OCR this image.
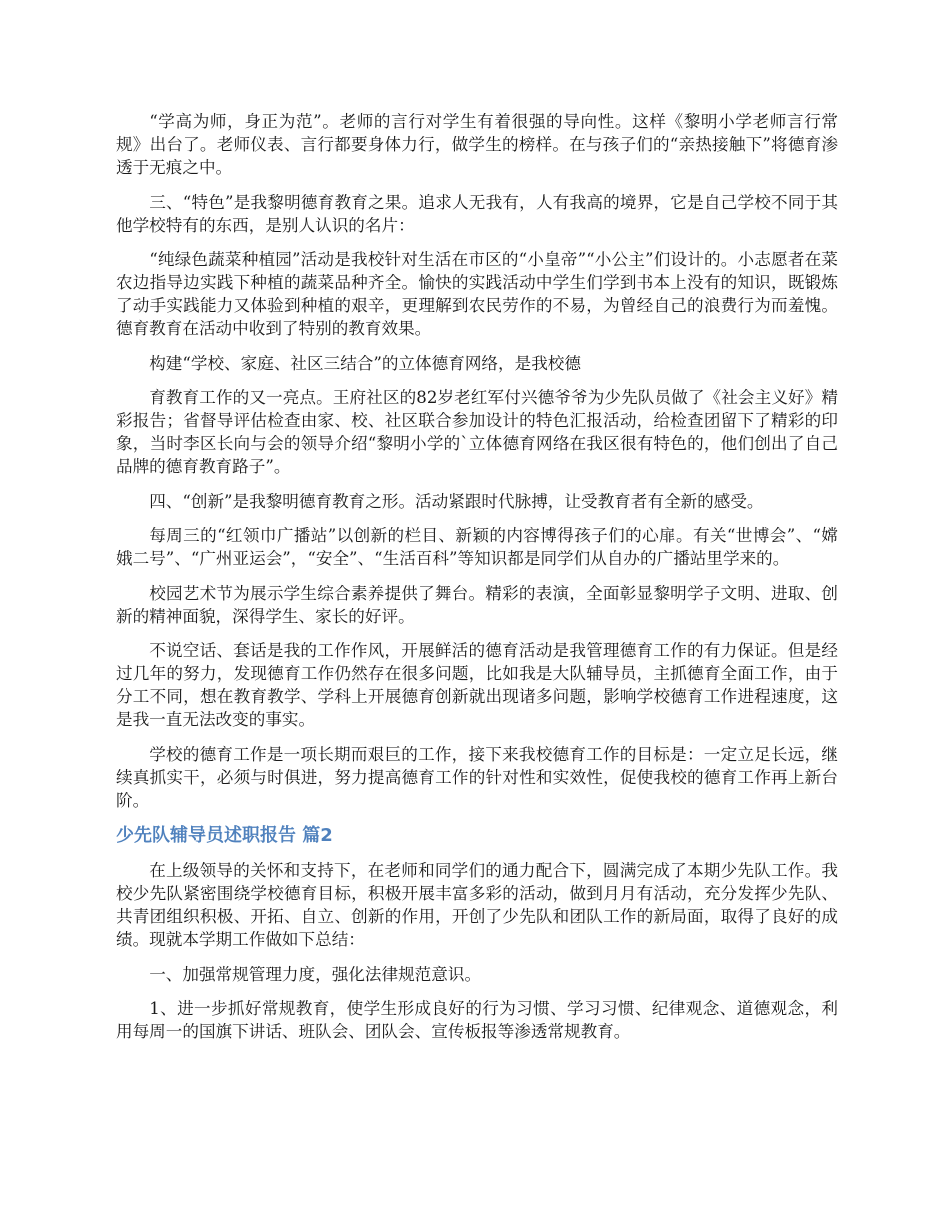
“学高为师，身正为范”。老师的言行对学生有着很强的导向性。这样《黎明小学老师言行常规》出台了。老师仪表、言行都要身体力行，做学生的榜样。在与孩子们的“亲热接触下”将德育渗透于无痕之中。

三、“特色”是我黎明德育教育之果。追求人无我有，人有我高的境界，它是自己学校不同于其他学校特有的东西，是别人认识的名片：

“纯绿色蔬菜种植园”活动是我校针对生活在市区的“小皇帝”“小公主”们设计的。小志愿者在菜农边指导边实践下种植的蔬菜品种齐全。愉快的实践活动中学生们学到书本上没有的知识，既锻炼了动手实践能力又体验到种植的艰辛，更理解到农民劳作的不易，为曾经自己的浪费行为而羞愧。德育教育在活动中收到了特别的教育效果。

构建“学校、家庭、社区三结合”的立体德育网络，是我校德

育教育工作的又一亮点。王府社区的82岁老红军付兴德爷爷为少先队员做了《社会主义好》精彩报告；省督导评估检查由家、校、社区联合参加设计的特色汇报活动，给检查团留下了精彩的印象，当时李区长向与会的领导介绍“黎明小学的`立体德育网络在我区很有特色的，他们创出了自己品牌的德育教育路子”。

四、“创新”是我黎明德育教育之形。活动紧跟时代脉搏，让受教育者有全新的感受。

每周三的“红领巾广播站”以创新的栏目、新颖的内容博得孩子们的心扉。有关“世博会”、“嫦娥二号”、“广州亚运会”，“安全”、“生活百科”等知识都是同学们从自办的广播站里学来的。

校园艺术节为展示学生综合素养提供了舞台。精彩的表演，全面彰显黎明学子文明、进取、创新的精神面貌，深得学生、家长的好评。

不说空话、套话是我的工作作风，开展鲜活的德育活动是我管理德育工作的有力保证。但是经过几年的努力，发现德育工作仍然存在很多问题，比如我是大队辅导员，主抓德育全面工作，由于分工不同，想在教育教学、学科上开展德育创新就出现诸多问题，影响学校德育工作进程速度，这是我一直无法改变的事实。

学校的德育工作是一项长期而艰巨的工作，接下来我校德育工作的目标是：一定立足长远，继续真抓实干，必须与时俱进，努力提高德育工作的针对性和实效性，促使我校的德育工作再上新台阶。

少先队辅导员述职报告 篇2

在上级领导的关怀和支持下，在老师和同学们的通力配合下，圆满完成了本期少先队工作。我校少先队紧密围绕学校德育目标，积极开展丰富多彩的活动，做到月月有活动，充分发挥少先队、共青团组织积极、开拓、自立、创新的作用，开创了少先队和团队工作的新局面，取得了良好的成绩。现就本学期工作做如下总结：

一、加强常规管理力度，强化法律规范意识。

1、进一步抓好常规教育，使学生形成良好的行为习惯、学习习惯、纪律观念、道德观念，利用每周一的国旗下讲话、班队会、团队会、宣传板报等渗透常规教育。
